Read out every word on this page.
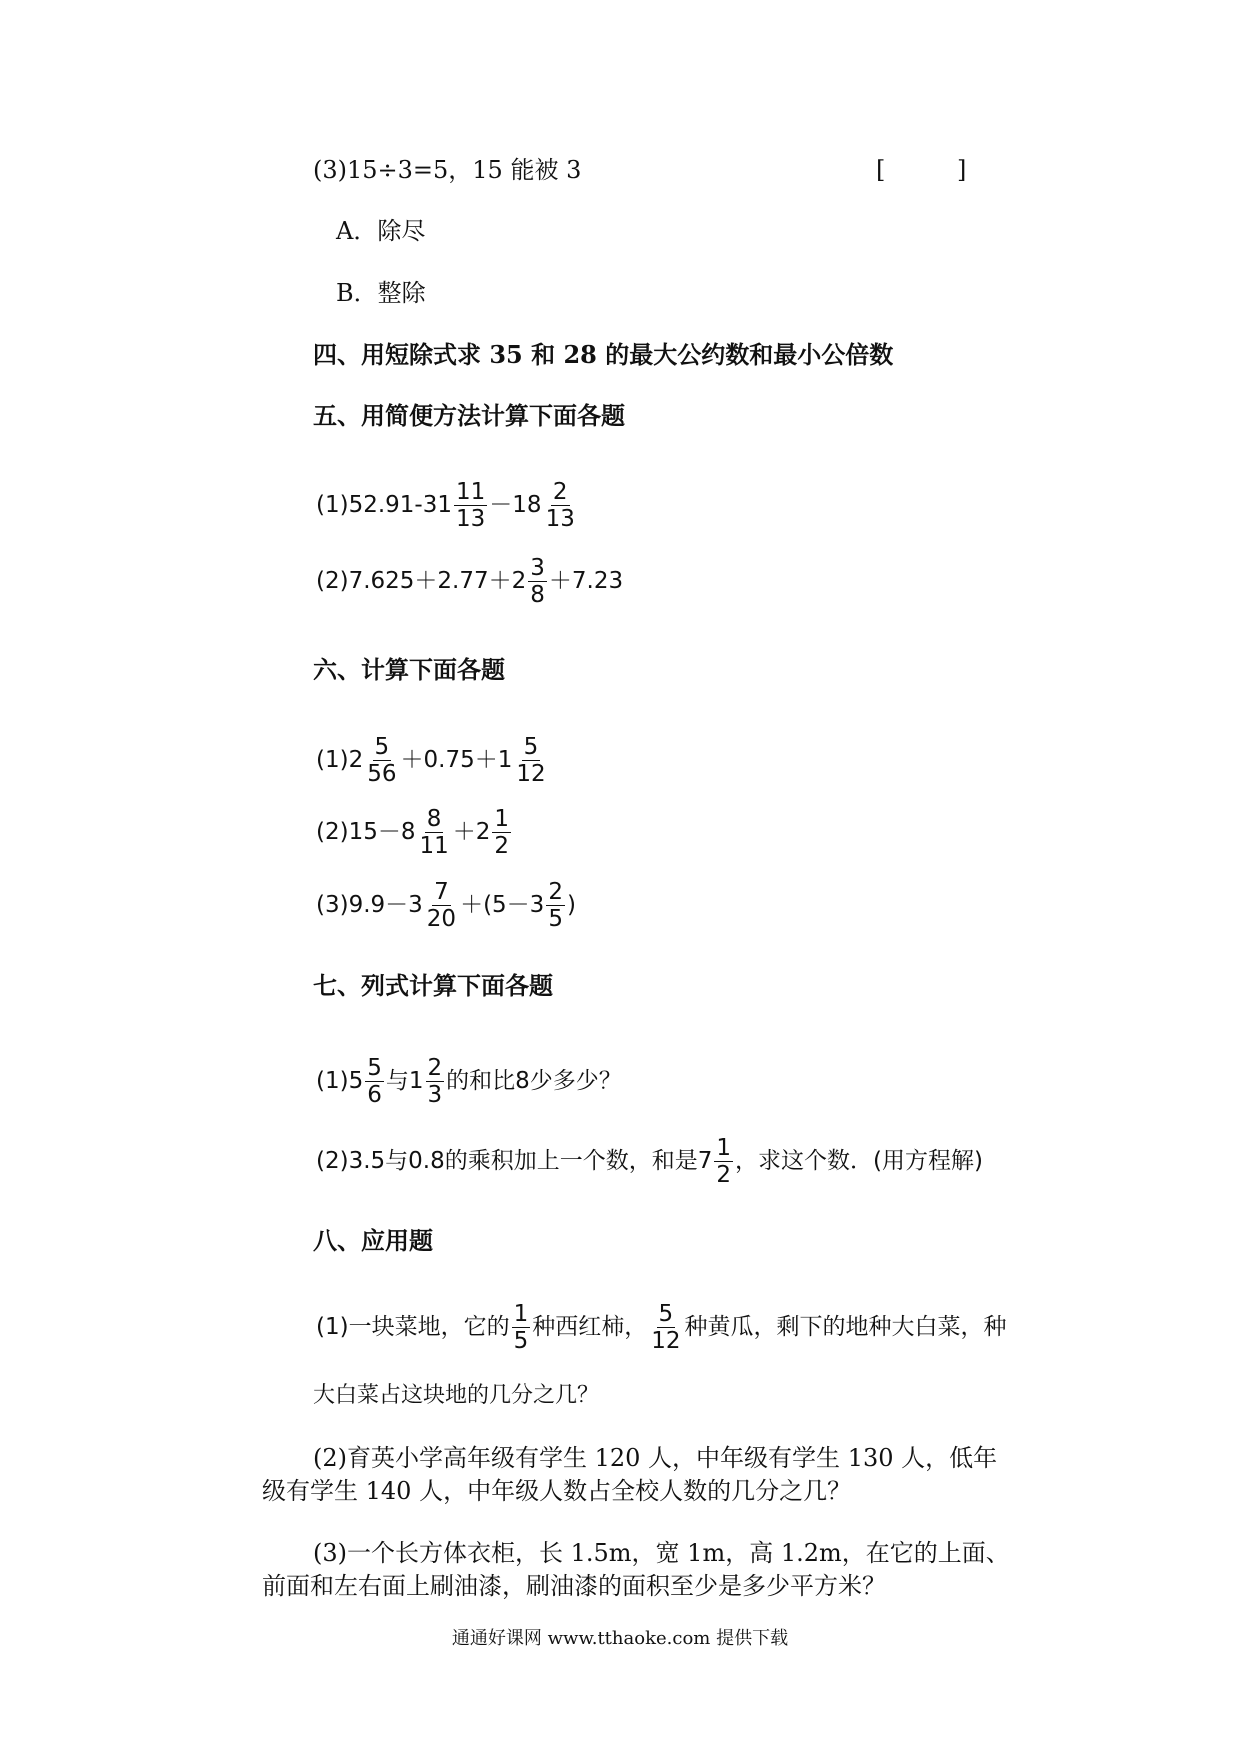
(3)15÷3=5，15 能被 3	[	]
A．除尽
B．整除
四、用短除式求 35 和 28 的最大公约数和最小公倍数
五、用简便方法计算下面各题
$(1)52.91-31 \frac{11}{13} -18 \frac{2}{13}$
$(2)7.625+2.77+2 \frac{3}{8} +7.23$
六、计算下面各题
$(1)2 \frac{5}{56} +0.75+1 \frac{5}{12}$
$(2)15-8 \frac{8}{11} +2 \frac{1}{2}$
$(3)9.9-3 \frac{7}{20} +(5-3 \frac{2}{5}$ )
七、列式计算下面各题
$(1)5 \frac{5}{6}$ 与$1 \frac{2}{3}$ 的和比8少多少？
(2)3.5与0.8的乘积加上一个数，和是$7 \frac{1}{2}$ ，求这个数．(用方程解)
八、应用题
(1)一块菜地，它的 $\frac{1}{5}$ 种西红柿， $\frac{5}{12}$ 种黄瓜，剩下的地种大白菜，种
大白菜占这块地的几分之几？
(2)育英小学高年级有学生 120 人，中年级有学生 130 人，低年
级有学生 140 人，中年级人数占全校人数的几分之几？
(3)一个长方体衣柜，长 1.5m，宽 1m，高 1.2m，在它的上面、
前面和左右面上刷油漆，刷油漆的面积至少是多少平方米？
通通好课网 www.tthaoke.com 提供下载
